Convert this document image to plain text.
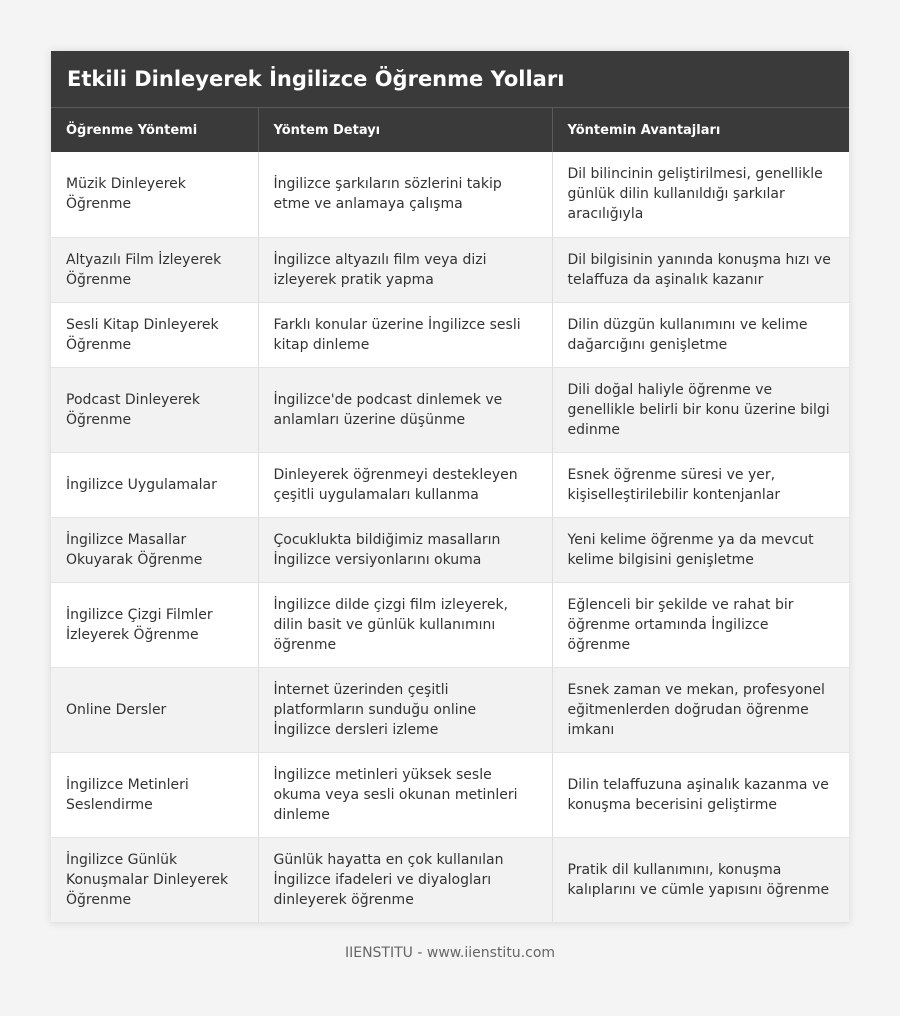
Etkili Dinleyerek İngilizce Öğrenme Yolları
Öğrenme Yöntemi	Yöntem Detayı	Yöntemin Avantajları
Müzik Dinleyerek Öğrenme	İngilizce şarkıların sözlerini takip etme ve anlamaya çalışma	Dil bilincinin geliştirilmesi, genellikle günlük dilin kullanıldığı şarkılar aracılığıyla
Altyazılı Film İzleyerek Öğrenme	İngilizce altyazılı film veya dizi izleyerek pratik yapma	Dil bilgisinin yanında konuşma hızı ve telaffuza da aşinalık kazanır
Sesli Kitap Dinleyerek Öğrenme	Farklı konular üzerine İngilizce sesli kitap dinleme	Dilin düzgün kullanımını ve kelime dağarcığını genişletme
Podcast Dinleyerek Öğrenme	İngilizce'de podcast dinlemek ve anlamları üzerine düşünme	Dili doğal haliyle öğrenme ve genellikle belirli bir konu üzerine bilgi edinme
İngilizce Uygulamalar	Dinleyerek öğrenmeyi destekleyen çeşitli uygulamaları kullanma	Esnek öğrenme süresi ve yer, kişiselleştirilebilir kontenjanlar
İngilizce Masallar Okuyarak Öğrenme	Çocuklukta bildiğimiz masalların İngilizce versiyonlarını okuma	Yeni kelime öğrenme ya da mevcut kelime bilgisini genişletme
İngilizce Çizgi Filmler İzleyerek Öğrenme	İngilizce dilde çizgi film izleyerek, dilin basit ve günlük kullanımını öğrenme	Eğlenceli bir şekilde ve rahat bir öğrenme ortamında İngilizce öğrenme
Online Dersler	İnternet üzerinden çeşitli platformların sunduğu online İngilizce dersleri izleme	Esnek zaman ve mekan, profesyonel eğitmenlerden doğrudan öğrenme imkanı
İngilizce Metinleri Seslendirme	İngilizce metinleri yüksek sesle okuma veya sesli okunan metinleri dinleme	Dilin telaffuzuna aşinalık kazanma ve konuşma becerisini geliştirme
İngilizce Günlük Konuşmalar Dinleyerek Öğrenme	Günlük hayatta en çok kullanılan İngilizce ifadeleri ve diyalogları dinleyerek öğrenme	Pratik dil kullanımını, konuşma kalıplarını ve cümle yapısını öğrenme
IIENSTITU - www.iienstitu.com
